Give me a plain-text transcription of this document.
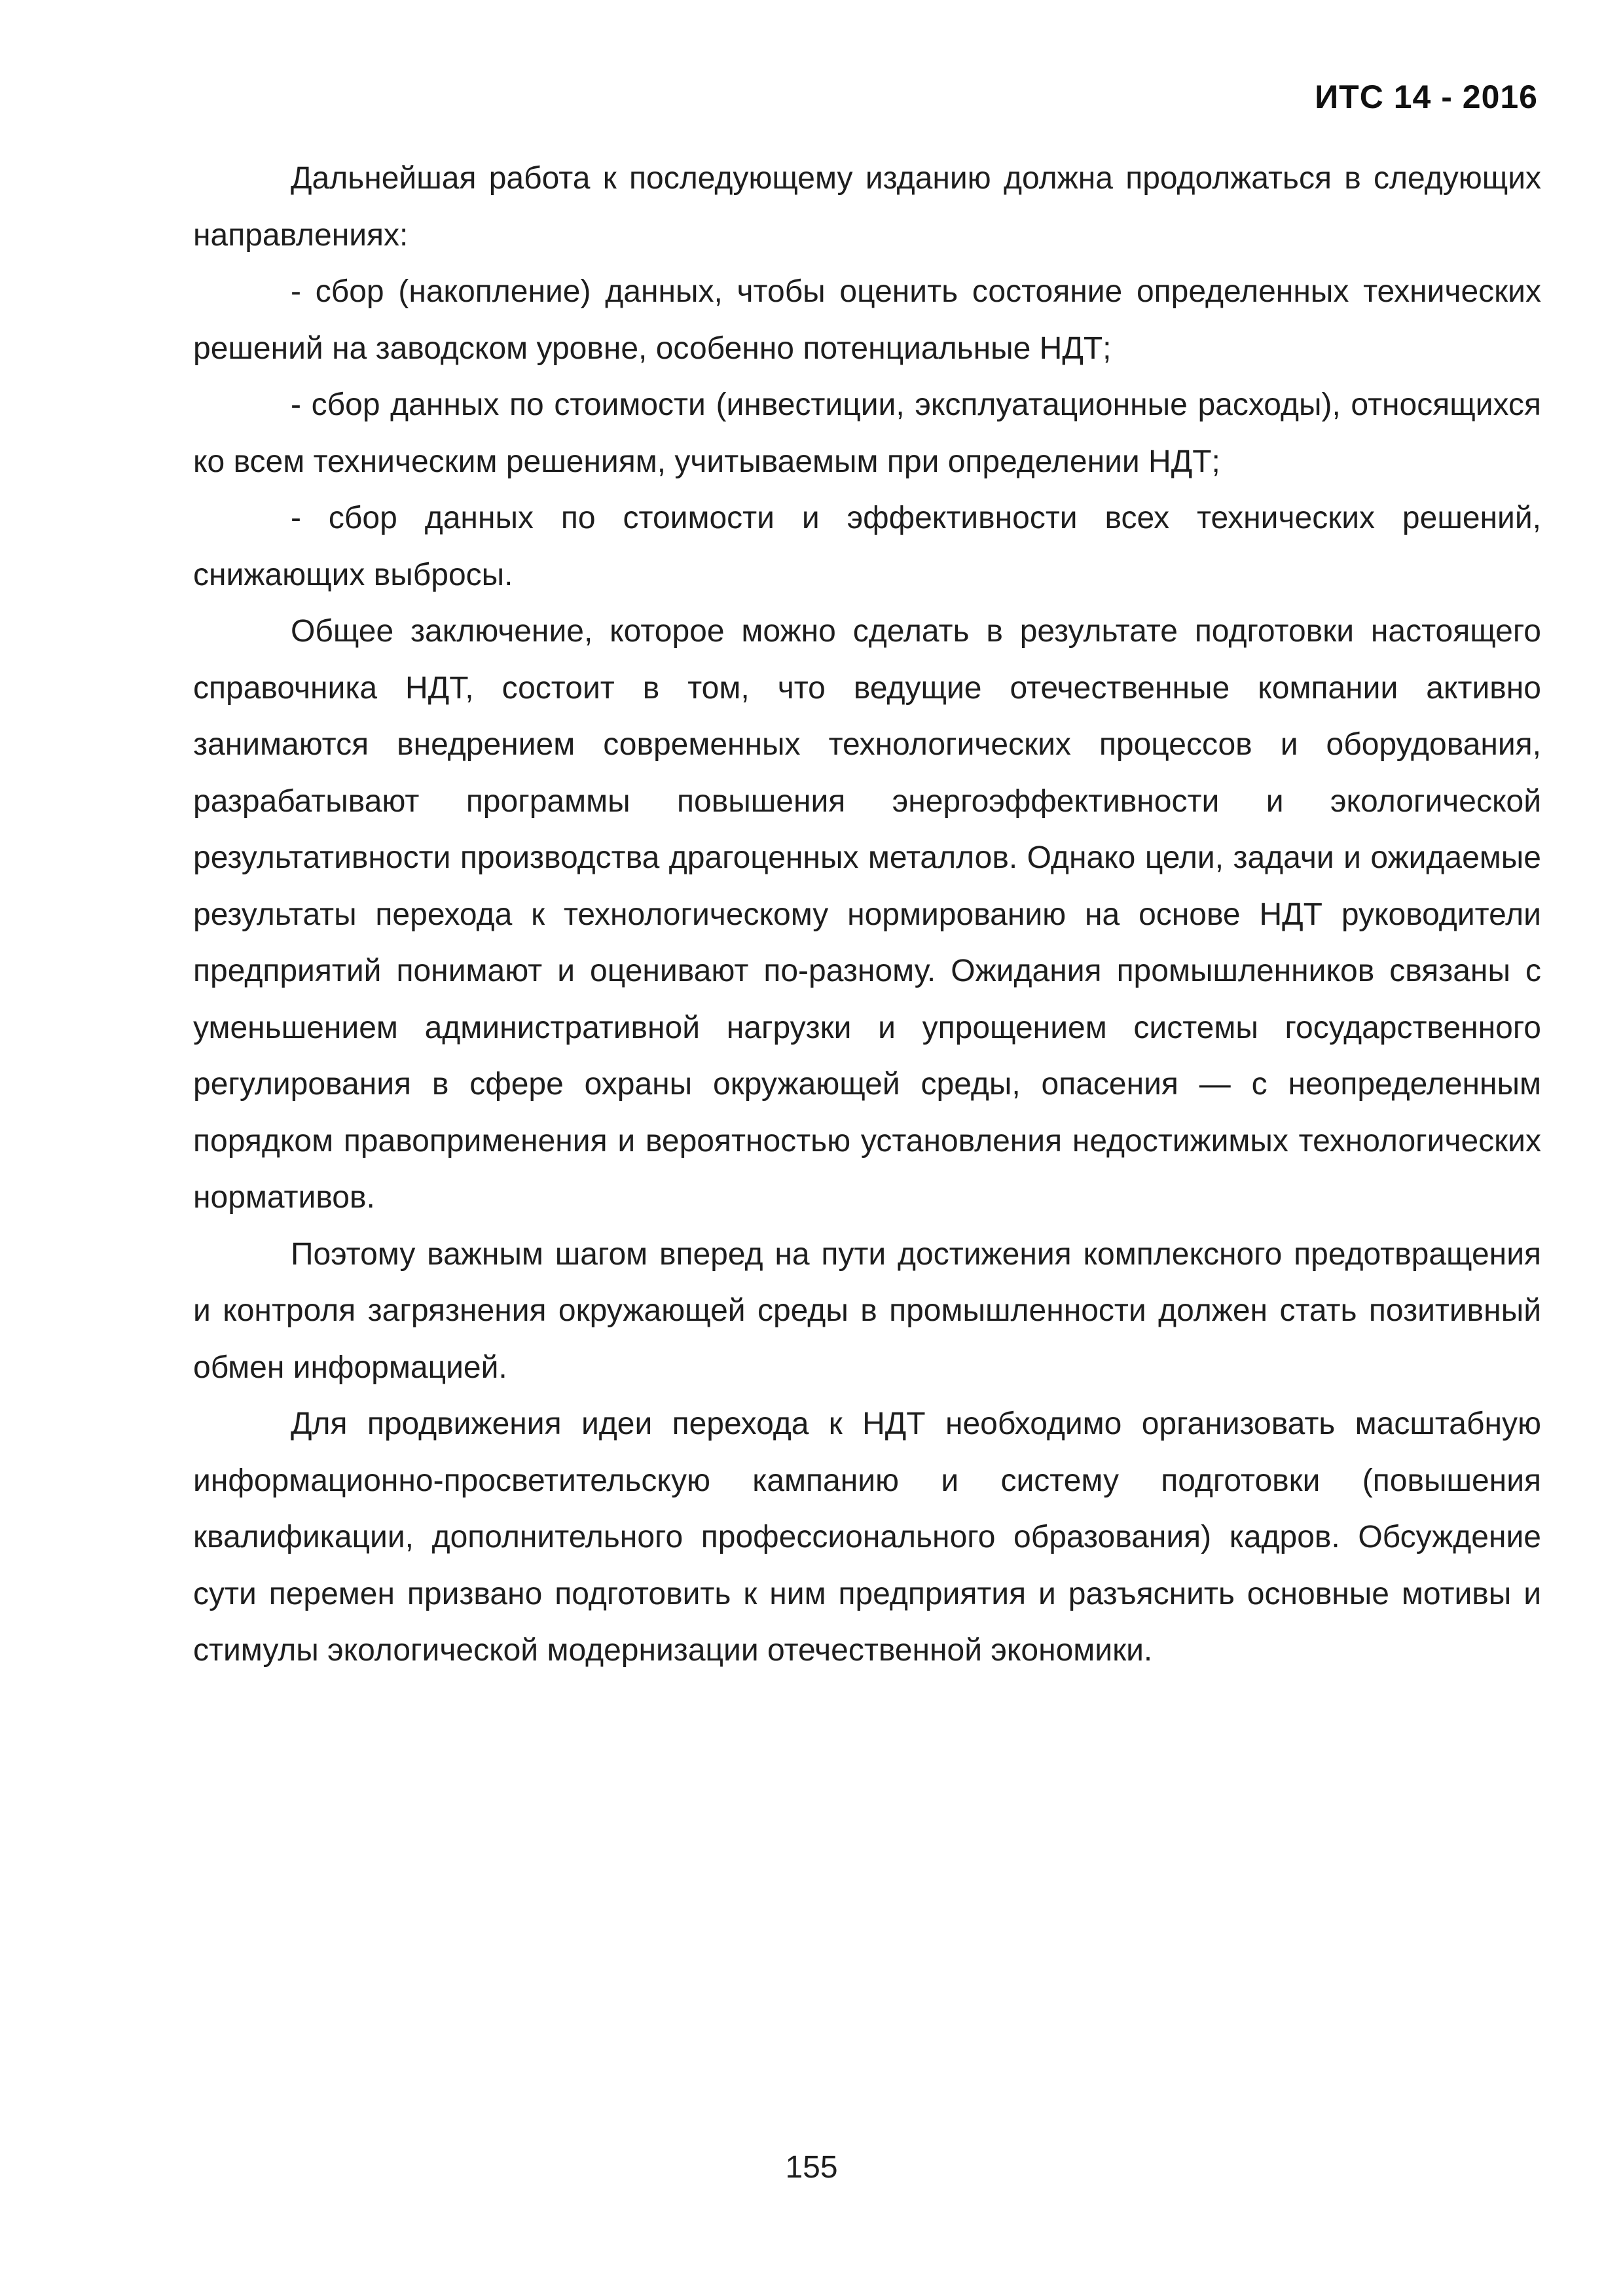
ИТС 14 - 2016

Дальнейшая работа к последующему изданию должна продолжаться в следующих направлениях:

- сбор (накопление) данных, чтобы оценить состояние определенных технических решений на заводском уровне, особенно потенциальные НДТ;

- сбор данных по стоимости (инвестиции, эксплуатационные расходы), относящихся ко всем техническим решениям, учитываемым при определении НДТ;

- сбор данных по стоимости и эффективности всех технических решений, снижающих выбросы.

Общее заключение, которое можно сделать в результате подготовки настоящего справочника НДТ, состоит в том, что ведущие отечественные компании активно занимаются внедрением современных технологических процессов и оборудования, разрабатывают программы повышения энергоэффективности и экологической результативности производства драгоценных металлов. Однако цели, задачи и ожидаемые результаты перехода к технологическому нормированию на основе НДТ руководители предприятий понимают и оценивают по-разному. Ожидания промышленников связаны с уменьшением административной нагрузки и упрощением системы государственного регулирования в сфере охраны окружающей среды, опасения — с неопределенным порядком правоприменения и вероятностью установления недостижимых технологических нормативов.

Поэтому важным шагом вперед на пути достижения комплексного предотвращения и контроля загрязнения окружающей среды в промышленности должен стать позитивный обмен информацией.

Для продвижения идеи перехода к НДТ необходимо организовать масштабную информационно-просветительскую кампанию и систему подготовки (повышения квалификации, дополнительного профессионального образования) кадров. Обсуждение сути перемен призвано подготовить к ним предприятия и разъяснить основные мотивы и стимулы экологической модернизации отечественной экономики.

155
